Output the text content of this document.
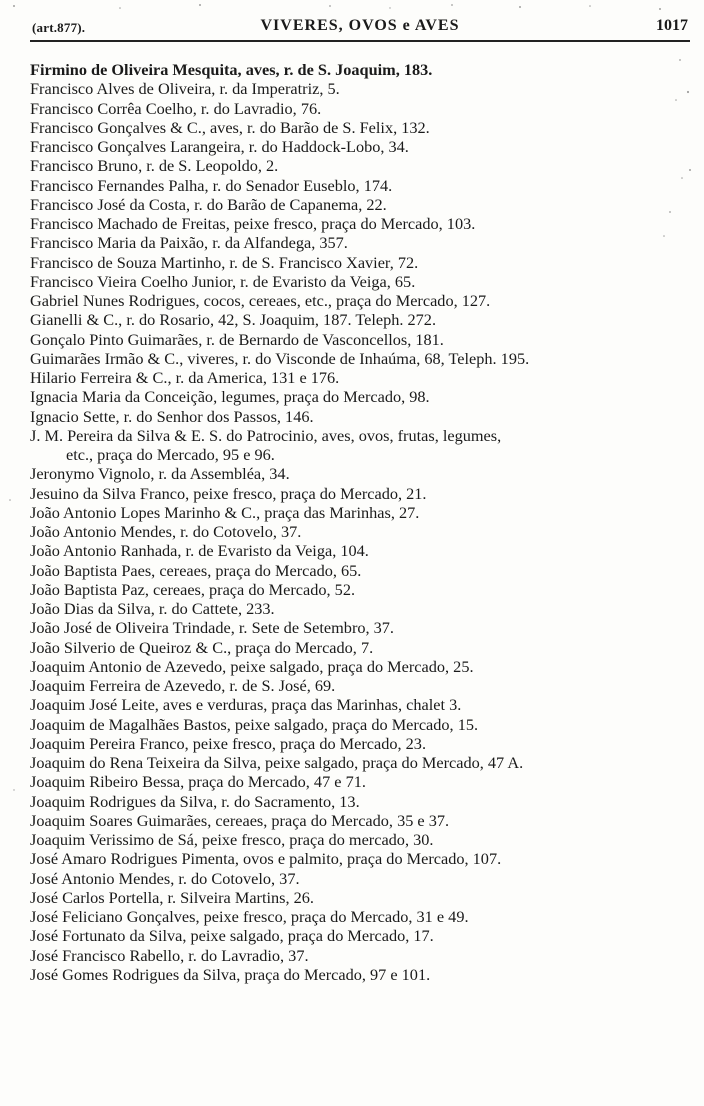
(art.877).	VIVERES, OVOS e AVES	1017
Firmino de Oliveira Mesquita, aves, r. de S. Joaquim, 183.
Francisco Alves de Oliveira, r. da Imperatriz, 5.
Francisco Corrêa Coelho, r. do Lavradio, 76.
Francisco Gonçalves & C., aves, r. do Barão de S. Felix, 132.
Francisco Gonçalves Larangeira, r. do Haddock-Lobo, 34.
Francisco Bruno, r. de S. Leopoldo, 2.
Francisco Fernandes Palha, r. do Senador Euseblo, 174.
Francisco José da Costa, r. do Barão de Capanema, 22.
Francisco Machado de Freitas, peixe fresco, praça do Mercado, 103.
Francisco Maria da Paixão, r. da Alfandega, 357.
Francisco de Souza Martinho, r. de S. Francisco Xavier, 72.
Francisco Vieira Coelho Junior, r. de Evaristo da Veiga, 65.
Gabriel Nunes Rodrigues, cocos, cereaes, etc., praça do Mercado, 127.
Gianelli & C., r. do Rosario, 42, S. Joaquim, 187. Teleph. 272.
Gonçalo Pinto Guimarães, r. de Bernardo de Vasconcellos, 181.
Guimarães Irmão & C., viveres, r. do Visconde de Inhaúma, 68, Teleph. 195.
Hilario Ferreira & C., r. da America, 131 e 176.
Ignacia Maria da Conceição, legumes, praça do Mercado, 98.
Ignacio Sette, r. do Senhor dos Passos, 146.
J. M. Pereira da Silva & E. S. do Patrocinio, aves, ovos, frutas, legumes,
etc., praça do Mercado, 95 e 96.
Jeronymo Vignolo, r. da Assembléa, 34.
Jesuino da Silva Franco, peixe fresco, praça do Mercado, 21.
João Antonio Lopes Marinho & C., praça das Marinhas, 27.
João Antonio Mendes, r. do Cotovelo, 37.
João Antonio Ranhada, r. de Evaristo da Veiga, 104.
João Baptista Paes, cereaes, praça do Mercado, 65.
João Baptista Paz, cereaes, praça do Mercado, 52.
João Dias da Silva, r. do Cattete, 233.
João José de Oliveira Trindade, r. Sete de Setembro, 37.
João Silverio de Queiroz & C., praça do Mercado, 7.
Joaquim Antonio de Azevedo, peixe salgado, praça do Mercado, 25.
Joaquim Ferreira de Azevedo, r. de S. José, 69.
Joaquim José Leite, aves e verduras, praça das Marinhas, chalet 3.
Joaquim de Magalhães Bastos, peixe salgado, praça do Mercado, 15.
Joaquim Pereira Franco, peixe fresco, praça do Mercado, 23.
Joaquim do Rena Teixeira da Silva, peixe salgado, praça do Mercado, 47 A.
Joaquim Ribeiro Bessa, praça do Mercado, 47 e 71.
Joaquim Rodrigues da Silva, r. do Sacramento, 13.
Joaquim Soares Guimarães, cereaes, praça do Mercado, 35 e 37.
Joaquim Verissimo de Sá, peixe fresco, praça do mercado, 30.
José Amaro Rodrigues Pimenta, ovos e palmito, praça do Mercado, 107.
José Antonio Mendes, r. do Cotovelo, 37.
José Carlos Portella, r. Silveira Martins, 26.
José Feliciano Gonçalves, peixe fresco, praça do Mercado, 31 e 49.
José Fortunato da Silva, peixe salgado, praça do Mercado, 17.
José Francisco Rabello, r. do Lavradio, 37.
José Gomes Rodrigues da Silva, praça do Mercado, 97 e 101.
